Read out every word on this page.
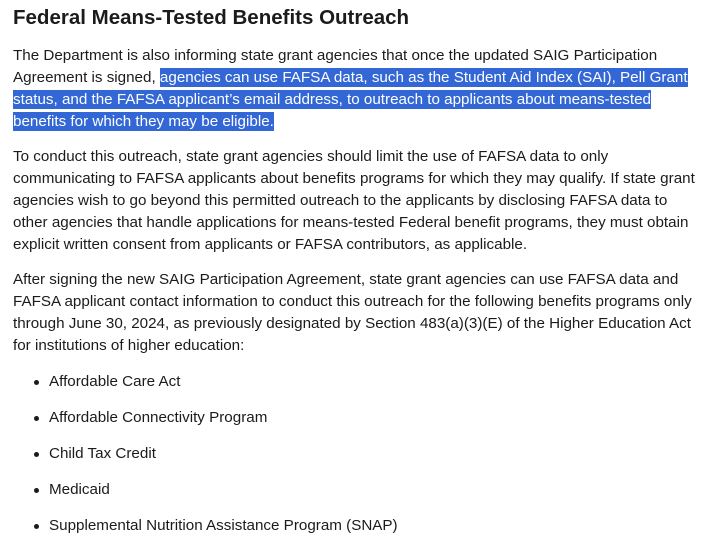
Federal Means-Tested Benefits Outreach

The Department is also informing state grant agencies that once the updated SAIG Participation Agreement is signed, agencies can use FAFSA data, such as the Student Aid Index (SAI), Pell Grant status, and the FAFSA applicant’s email address, to outreach to applicants about means-tested benefits for which they may be eligible.

To conduct this outreach, state grant agencies should limit the use of FAFSA data to only communicating to FAFSA applicants about benefits programs for which they may qualify. If state grant agencies wish to go beyond this permitted outreach to the applicants by disclosing FAFSA data to other agencies that handle applications for means-tested Federal benefit programs, they must obtain explicit written consent from applicants or FAFSA contributors, as applicable.

After signing the new SAIG Participation Agreement, state grant agencies can use FAFSA data and FAFSA applicant contact information to conduct this outreach for the following benefits programs only through June 30, 2024, as previously designated by Section 483(a)(3)(E) of the Higher Education Act for institutions of higher education:

Affordable Care Act
Affordable Connectivity Program
Child Tax Credit
Medicaid
Supplemental Nutrition Assistance Program (SNAP)
